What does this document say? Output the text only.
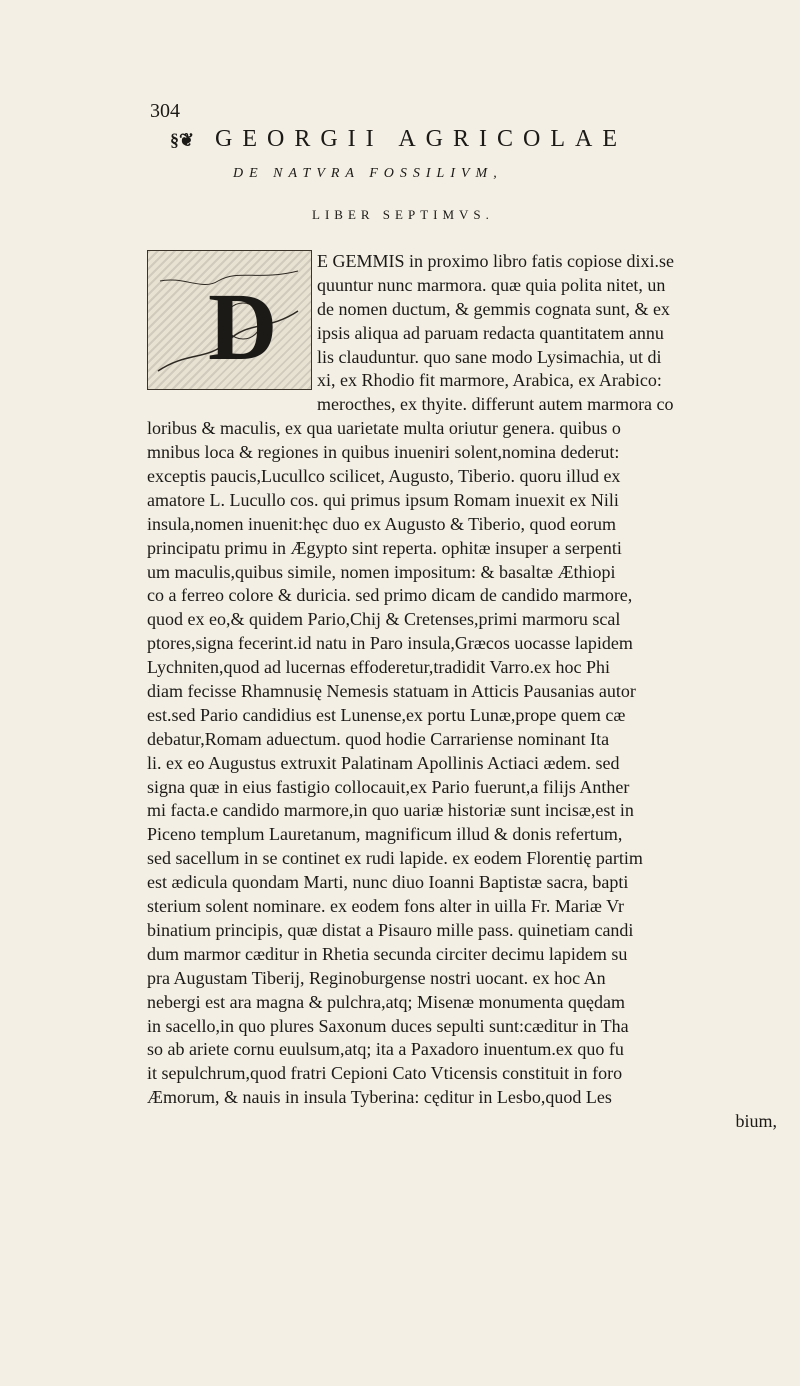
304
§❦ GEORGII AGRICOLAE
DE NATVRA FOSSILIVM,
LIBER SEPTIMVS.
D
E GEMMIS in proximo libro fatis copiose dixi.se
quuntur nunc marmora. quæ quia polita nitet, un
de nomen ductum, & gemmis cognata sunt, & ex
ipsis aliqua ad paruam redacta quantitatem annu
lis clauduntur. quo sane modo Lysimachia, ut di
xi, ex Rhodio fit marmore, Arabica, ex Arabico:
merocthes, ex thyite. differunt autem marmora co
loribus & maculis, ex qua uarietate multa oriutur genera. quibus o
mnibus loca & regiones in quibus inueniri solent,nomina dederut:
exceptis paucis,Lucullco scilicet, Augusto, Tiberio. quoru illud ex
amatore L. Lucullo cos. qui primus ipsum Romam inuexit ex Nili
insula,nomen inuenit:hęc duo ex Augusto & Tiberio, quod eorum
principatu primu in Ægypto sint reperta. ophitæ insuper a serpenti
um maculis,quibus simile, nomen impositum: & basaltæ Æthiopi
co a ferreo colore & duricia. sed primo dicam de candido marmore,
quod ex eo,& quidem Pario,Chij & Cretenses,primi marmoru scal
ptores,signa fecerint.id natu in Paro insula,Græcos uocasse lapidem
Lychniten,quod ad lucernas effoderetur,tradidit Varro.ex hoc Phi
diam fecisse Rhamnusię Nemesis statuam in Atticis Pausanias autor
est.sed Pario candidius est Lunense,ex portu Lunæ,prope quem cæ
debatur,Romam aduectum. quod hodie Carrariense nominant Ita
li. ex eo Augustus extruxit Palatinam Apollinis Actiaci ædem. sed
signa quæ in eius fastigio collocauit,ex Pario fuerunt,a filijs Anther
mi facta.e candido marmore,in quo uariæ historiæ sunt incisæ,est in
Piceno templum Lauretanum, magnificum illud & donis refertum,
sed sacellum in se continet ex rudi lapide. ex eodem Florentię partim
est ædicula quondam Marti, nunc diuo Ioanni Baptistæ sacra, bapti
sterium solent nominare. ex eodem fons alter in uilla Fr. Mariæ Vr
binatium principis, quæ distat a Pisauro mille pass. quinetiam candi
dum marmor cæditur in Rhetia secunda circiter decimu lapidem su
pra Augustam Tiberij, Reginoburgense nostri uocant. ex hoc An
nebergi est ara magna & pulchra,atq; Misenæ monumenta quędam
in sacello,in quo plures Saxonum duces sepulti sunt:cæditur in Tha
so ab ariete cornu euulsum,atq; ita a Paxadoro inuentum.ex quo fu
it sepulchrum,quod fratri Cepioni Cato Vticensis constituit in foro
Æmorum, & nauis in insula Tyberina: cęditur in Lesbo,quod Les
bium,
